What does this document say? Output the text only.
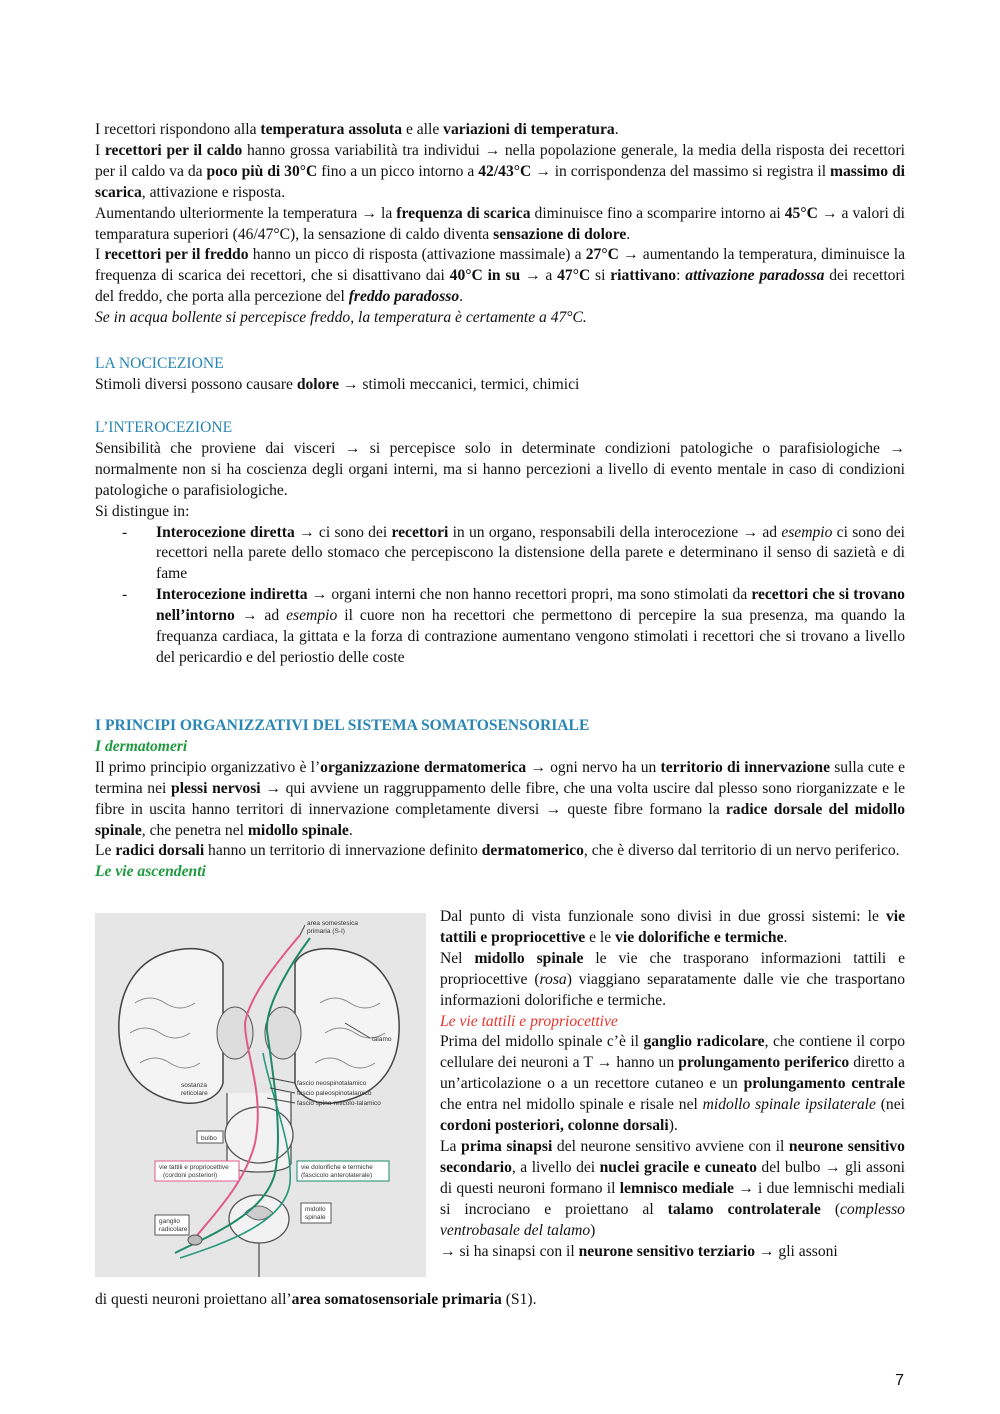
I recettori rispondono alla temperatura assoluta e alle variazioni di temperatura.

I recettori per il caldo hanno grossa variabilità tra individui → nella popolazione generale, la media della risposta dei recettori per il caldo va da poco più di 30°C fino a un picco intorno a 42/43°C → in corrispondenza del massimo si registra il massimo di scarica, attivazione e risposta.

Aumentando ulteriormente la temperatura → la frequenza di scarica diminuisce fino a scomparire intorno ai 45°C → a valori di temparatura superiori (46/47°C), la sensazione di caldo diventa sensazione di dolore.

I recettori per il freddo hanno un picco di risposta (attivazione massimale) a 27°C → aumentando la temperatura, diminuisce la frequenza di scarica dei recettori, che si disattivano dai 40°C in su → a 47°C si riattivano: attivazione paradossa dei recettori del freddo, che porta alla percezione del freddo paradosso.

Se in acqua bollente si percepisce freddo, la temperatura è certamente a 47°C.

LA NOCICEZIONE

Stimoli diversi possono causare dolore → stimoli meccanici, termici, chimici

L’INTEROCEZIONE

Sensibilità che proviene dai visceri → si percepisce solo in determinate condizioni patologiche o parafisiologiche → normalmente non si ha coscienza degli organi interni, ma si hanno percezioni a livello di evento mentale in caso di condizioni patologiche o parafisiologiche.

Si distingue in:

- Interocezione diretta → ci sono dei recettori in un organo, responsabili della interocezione → ad esempio ci sono dei recettori nella parete dello stomaco che percepiscono la distensione della parete e determinano il senso di sazietà e di fame
- Interocezione indiretta → organi interni che non hanno recettori propri, ma sono stimolati da recettori che si trovano nell’intorno → ad esempio il cuore non ha recettori che permettono di percepire la sua presenza, ma quando la frequanza cardiaca, la gittata e la forza di contrazione aumentano vengono stimolati i recettori che si trovano a livello del pericardio e del periostio delle coste

I PRINCIPI ORGANIZZATIVI DEL SISTEMA SOMATOSENSORIALE

I dermatomeri

Il primo principio organizzativo è l’organizzazione dermatomerica → ogni nervo ha un territorio di innervazione sulla cute e termina nei plessi nervosi → qui avviene un raggruppamento delle fibre, che una volta uscire dal plesso sono riorganizzate e le fibre in uscita hanno territori di innervazione completamente diversi → queste fibre formano la radice dorsale del midollo spinale, che penetra nel midollo spinale.

Le radici dorsali hanno un territorio di innervazione definito dermatomerico, che è diverso dal territorio di un nervo periferico.

Le vie ascendenti

area somestesica
primaria (S-I)
talamo
sostanza
reticolare
fascio neospinotalamico
fascio paleospinotalamico
fascio spino-reticolo-talamico
bulbo
vie tattili e propriocettive
(cordoni posteriori)
vie dolorifiche e termiche
(fascicolo anterolaterale)
ganglio
radicolare
midollo
spinale

Dal punto di vista funzionale sono divisi in due grossi sistemi: le vie tattili e propriocettive e le vie dolorifiche e termiche.

Nel midollo spinale le vie che trasporano informazioni tattili e propriocettive (rosa) viaggiano separatamente dalle vie che trasportano informazioni dolorifiche e termiche.

Le vie tattili e propriocettive

Prima del midollo spinale c’è il ganglio radicolare, che contiene il corpo cellulare dei neuroni a T → hanno un prolungamento periferico diretto a un’articolazione o a un recettore cutaneo e un prolungamento centrale che entra nel midollo spinale e risale nel midollo spinale ipsilaterale (nei cordoni posteriori, colonne dorsali).

La prima sinapsi del neurone sensitivo avviene con il neurone sensitivo secondario, a livello dei nuclei gracile e cuneato del bulbo → gli assoni di questi neuroni formano il lemnisco mediale → i due lemnischi mediali si incrociano e proiettano al talamo controlaterale (complesso ventrobasale del talamo)

→ si ha sinapsi con il neurone sensitivo terziario → gli assoni

di questi neuroni proiettano all’area somatosensoriale primaria (S1).

7
